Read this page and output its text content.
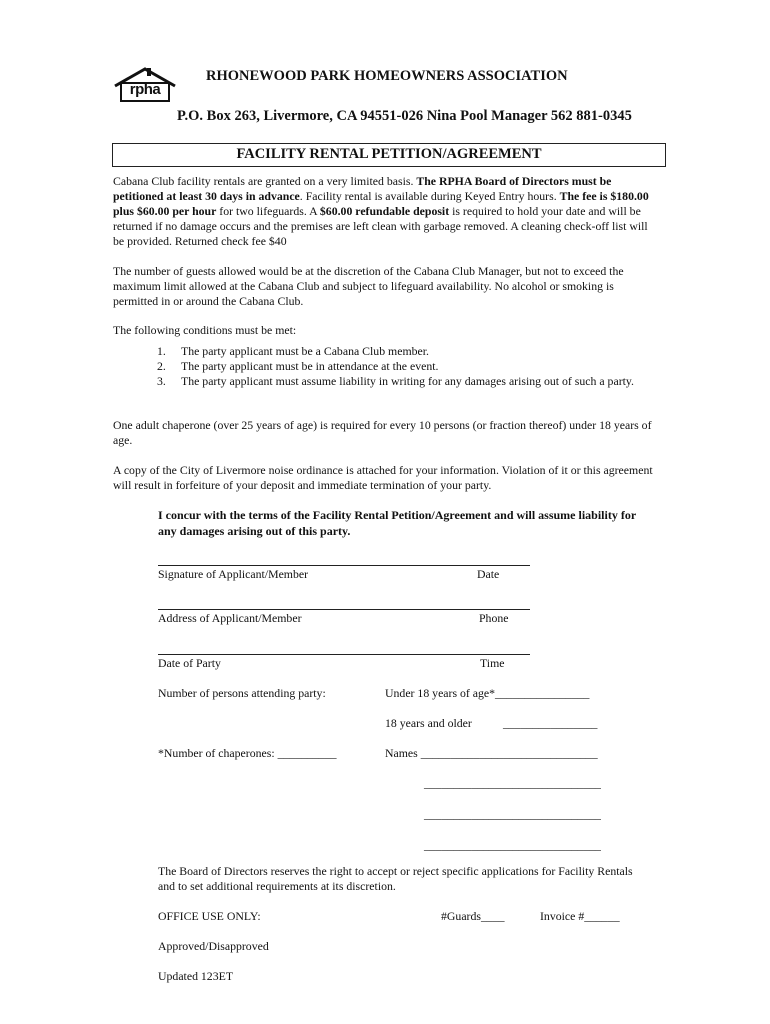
rpha
RHONEWOOD PARK HOMEOWNERS ASSOCIATION
P.O. Box 263, Livermore, CA 94551-026 Nina Pool Manager 562 881-0345
FACILITY RENTAL PETITION/AGREEMENT
Cabana Club facility rentals are granted on a very limited basis. The RPHA Board of Directors must be petitioned at least 30 days in advance. Facility rental is available during Keyed Entry hours. The fee is $180.00 plus $60.00 per hour for two lifeguards. A $60.00 refundable deposit is required to hold your date and will be returned if no damage occurs and the premises are left clean with garbage removed. A cleaning check-off list will be provided. Returned check fee $40
The number of guests allowed would be at the discretion of the Cabana Club Manager, but not to exceed the maximum limit allowed at the Cabana Club and subject to lifeguard availability. No alcohol or smoking is permitted in or around the Cabana Club.
The following conditions must be met:
1. The party applicant must be a Cabana Club member.
2. The party applicant must be in attendance at the event.
3. The party applicant must assume liability in writing for any damages arising out of such a party.
One adult chaperone (over 25 years of age) is required for every 10 persons (or fraction thereof) under 18 years of age.
A copy of the City of Livermore noise ordinance is attached for your information. Violation of it or this agreement will result in forfeiture of your deposit and immediate termination of your party.
I concur with the terms of the Facility Rental Petition/Agreement and will assume liability for any damages arising out of this party.
Signature of Applicant/Member	Date
Address of Applicant/Member	Phone
Date of Party	Time
Number of persons attending party:	Under 18 years of age*________________
18 years and older	________________
*Number of chaperones: __________	Names ______________________________
______________________________
______________________________
______________________________
The Board of Directors reserves the right to accept or reject specific applications for Facility Rentals and to set additional requirements at its discretion.
OFFICE USE ONLY:	#Guards____	Invoice #______
Approved/Disapproved
Updated 123ET
